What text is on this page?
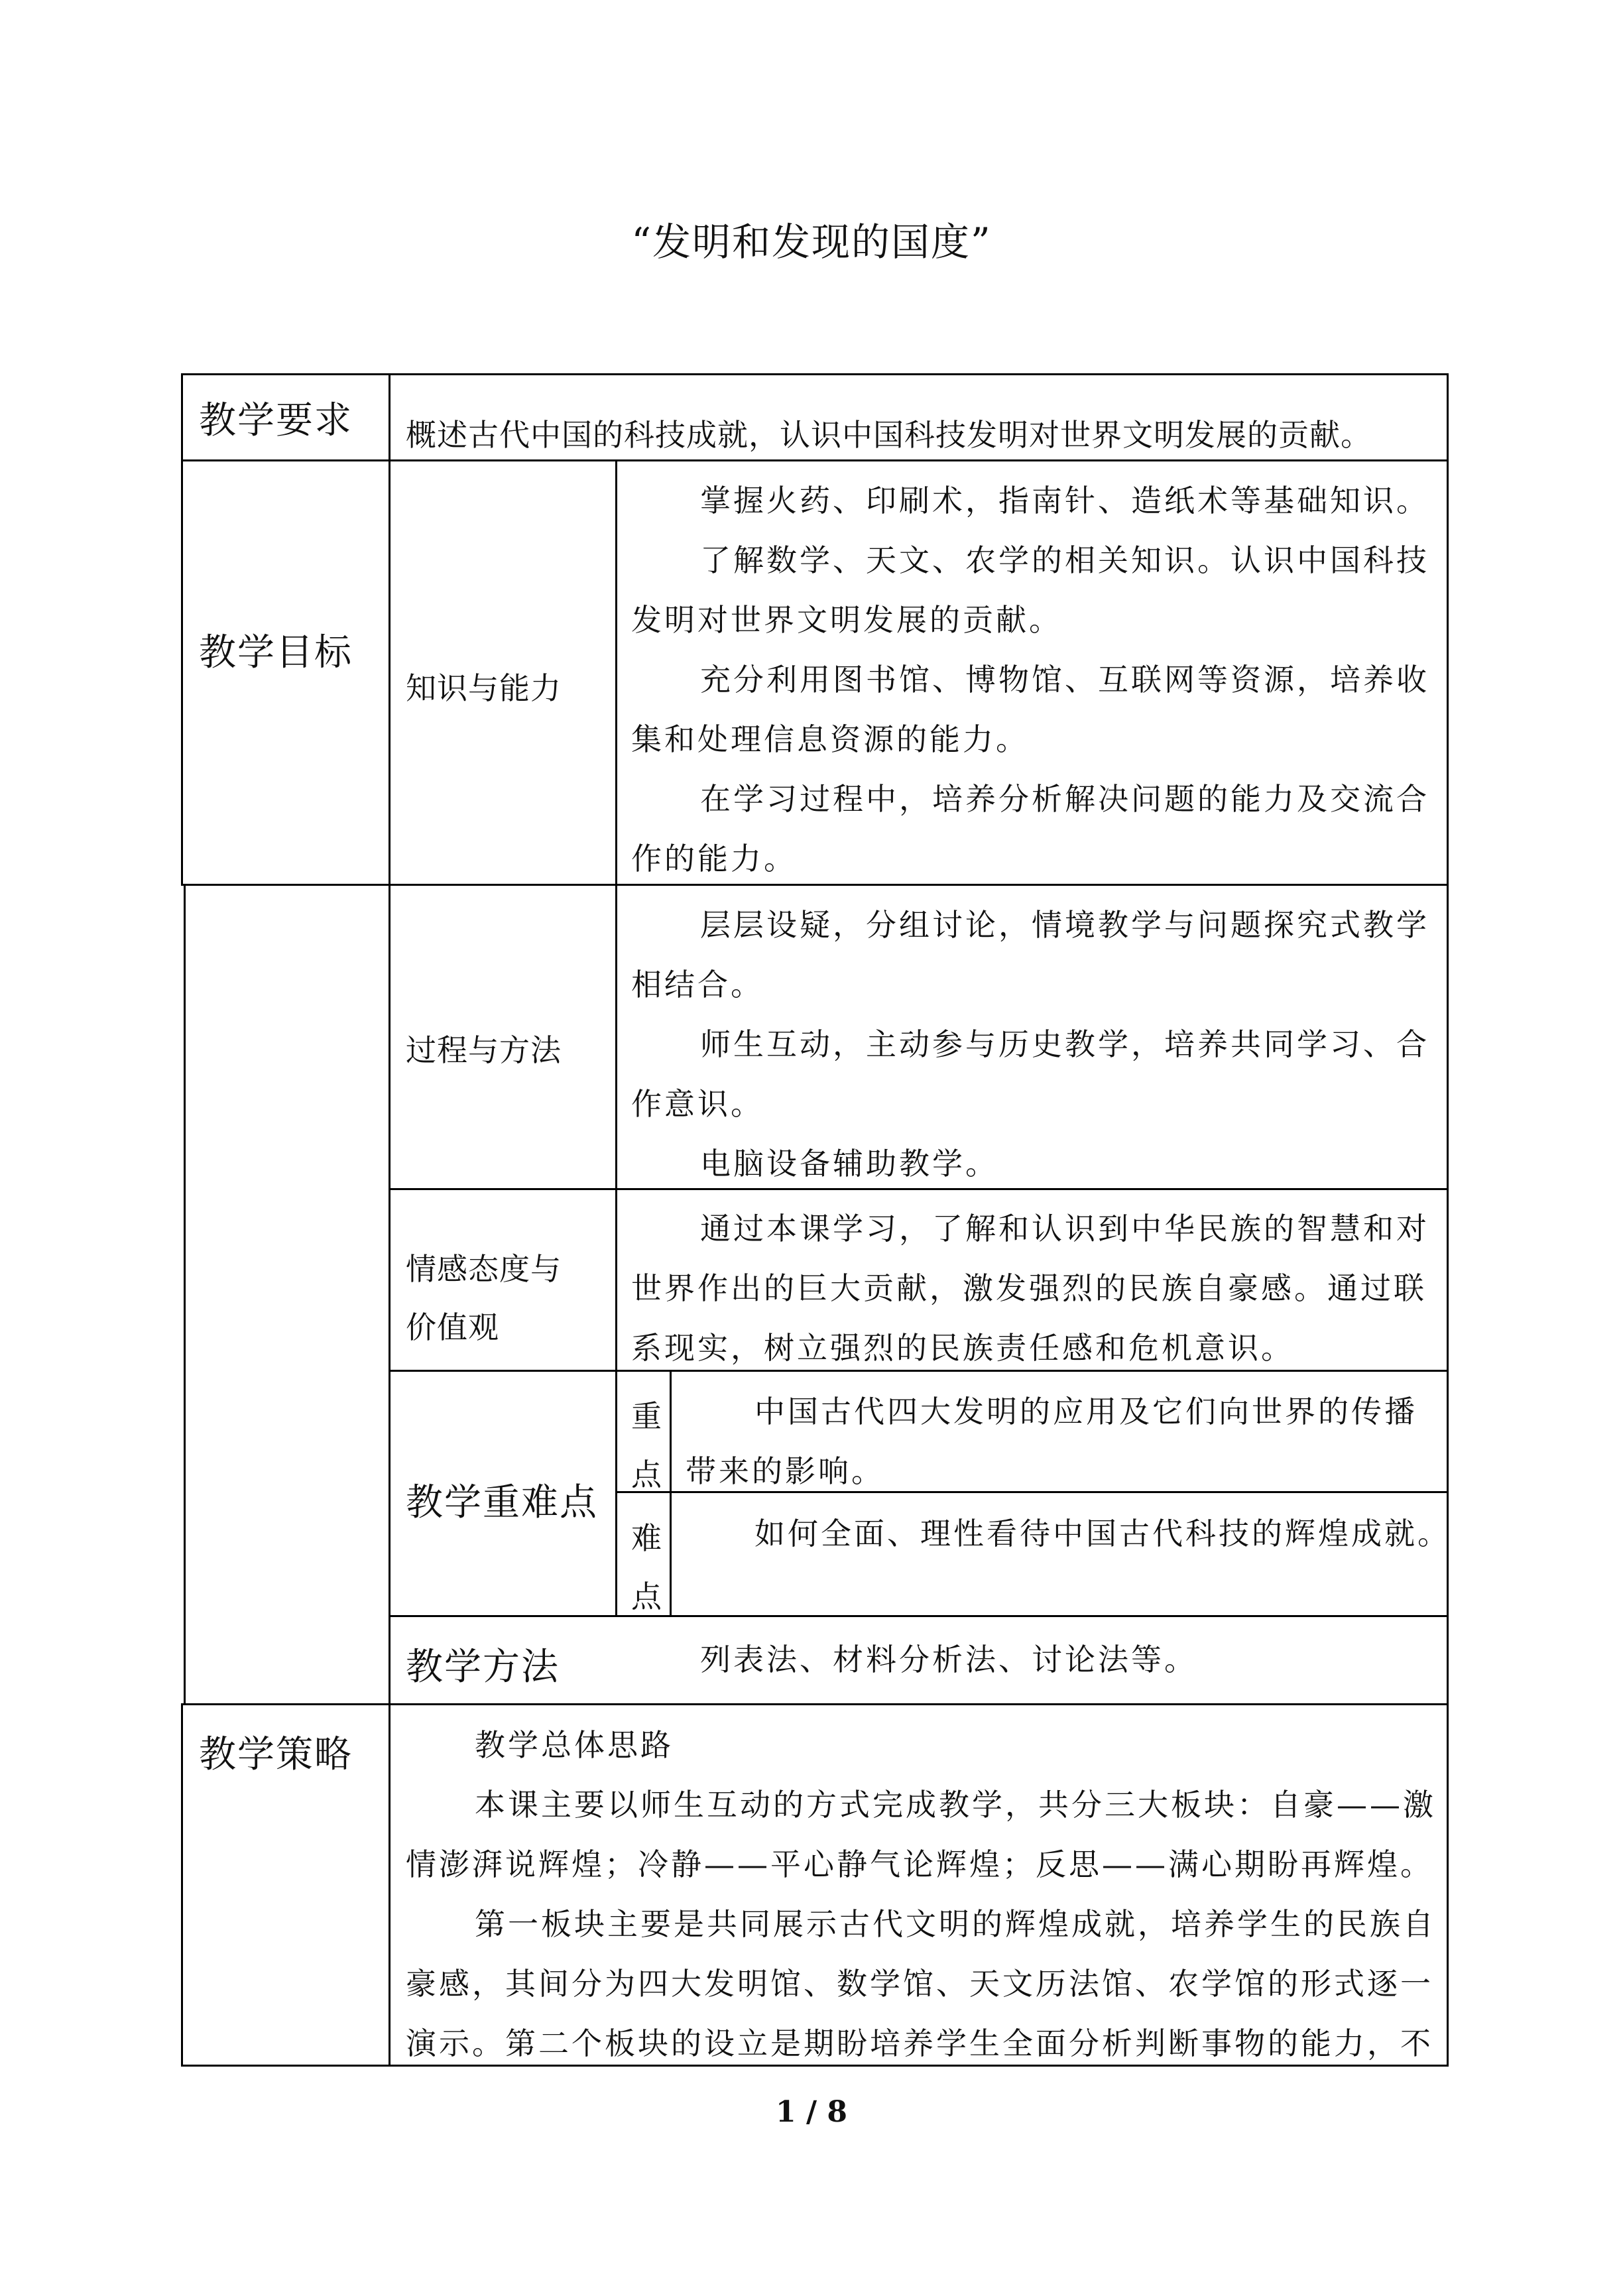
“发明和发现的国度”
教学要求 概述古代中国的科技成就，认识中国科技发明对世界文明发展的贡献。
教学目标
知识与能力

掌握火药、印刷术，指南针、造纸术等基础知识。

了解数学、天文、农学的相关知识。认识中国科技

发明对世界文明发展的贡献。

充分利用图书馆、博物馆、互联网等资源，培养收

集和处理信息资源的能力。

在学习过程中，培养分析解决问题的能力及交流合

作的能力。

过程与方法

层层设疑，分组讨论，情境教学与问题探究式教学

相结合。

师生互动，主动参与历史教学，培养共同学习、合

作意识。

电脑设备辅助教学。

情感态度与
价值观

通过本课学习，了解和认识到中华民族的智慧和对

世界作出的巨大贡献，激发强烈的民族自豪感。通过联

系现实，树立强烈的民族责任感和危机意识。

教学重难点
重
点
中国古代四大发明的应用及它们向世界的传播
带来的影响。
难
点
如何全面、理性看待中国古代科技的辉煌成就。
教学方法	列表法、材料分析法、讨论法等。
教学策略	教学总体思路

本课主要以师生互动的方式完成教学，共分三大板块：自豪——激

情澎湃说辉煌；冷静——平心静气论辉煌；反思——满心期盼再辉煌。

第一板块主要是共同展示古代文明的辉煌成就，培养学生的民族自

豪感，其间分为四大发明馆、数学馆、天文历法馆、农学馆的形式逐一

演示。第二个板块的设立是期盼培养学生全面分析判断事物的能力，不

1 / 8
